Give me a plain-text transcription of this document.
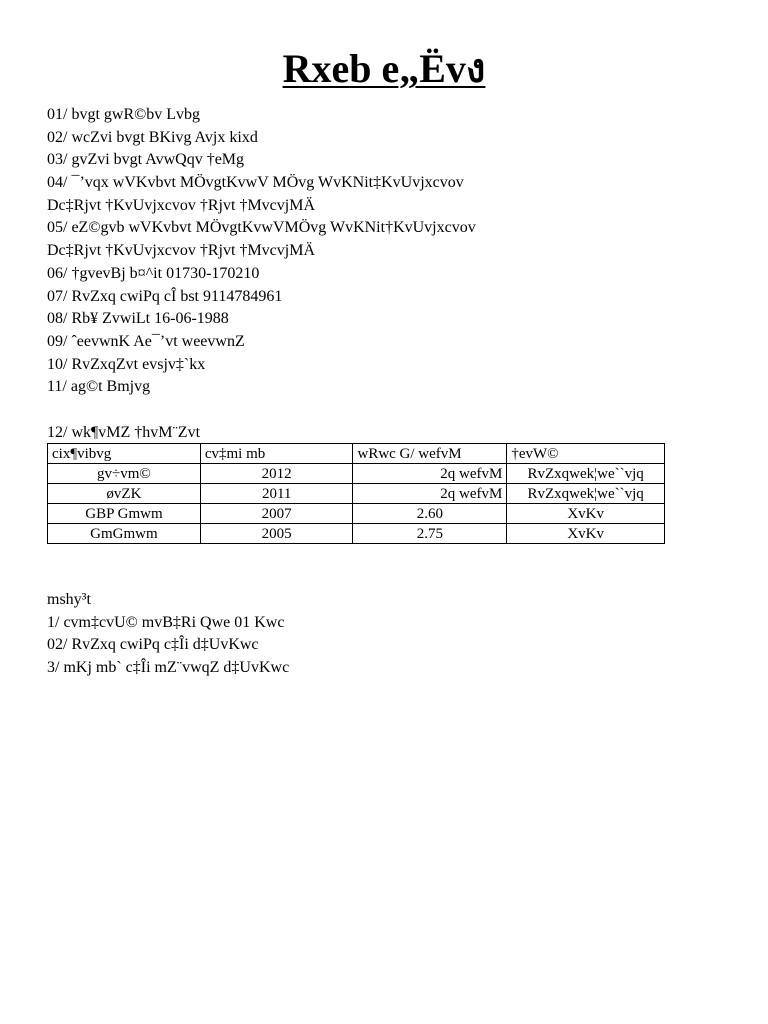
Rxeb e„Ëvง
01/ bvgt gwR©bv Lvbg
02/ wcZvi bvgt BKivg Avjx kixd
03/ gvZvi bvgt AvwQqv †eMg
04/ ¯’vqx wVKvbvt MÖvgtKvwV MÖvg WvKNit‡KvUvjxcvov
Dc‡Rjvt †KvUvjxcvov †Rjvt †MvcvjMÄ
05/ eZ©gvb wVKvbvt MÖvgtKvwVMÖvg WvKNit†KvUvjxcvov
Dc‡Rjvt †KvUvjxcvov †Rjvt †MvcvjMÄ
06/ †gvevBj b¤^it 01730-170210
07/ RvZxq cwiPq cÎ bst 9114784961
08/ Rb¥ ZvwiLt 16-06-1988
09/ ˆeevwnK Ae¯’vt weevwnZ
10/ RvZxqZvt evsjv‡`kx
11/ ag©t Bmjvg
12/ wk¶vMZ †hvM¨Zvt
cix¶vibvg	cv‡mi mb	wRwc G/ wefvM	†evW©
gv÷vm©	2012	2q wefvM	RvZxqwek¦we``vjq
øvZK	2011	2q wefvM	RvZxqwek¦we``vjq
GBP Gmwm	2007	2.60	XvKv
GmGmwm	2005	2.75	XvKv
mshy³t
1/ cvm‡cvU© mvB‡Ri Qwe 01 Kwc
02/ RvZxq cwiPq c‡Îi d‡UvKwc
3/ mKj mb` c‡Îi mZ¨vwqZ d‡UvKwc
